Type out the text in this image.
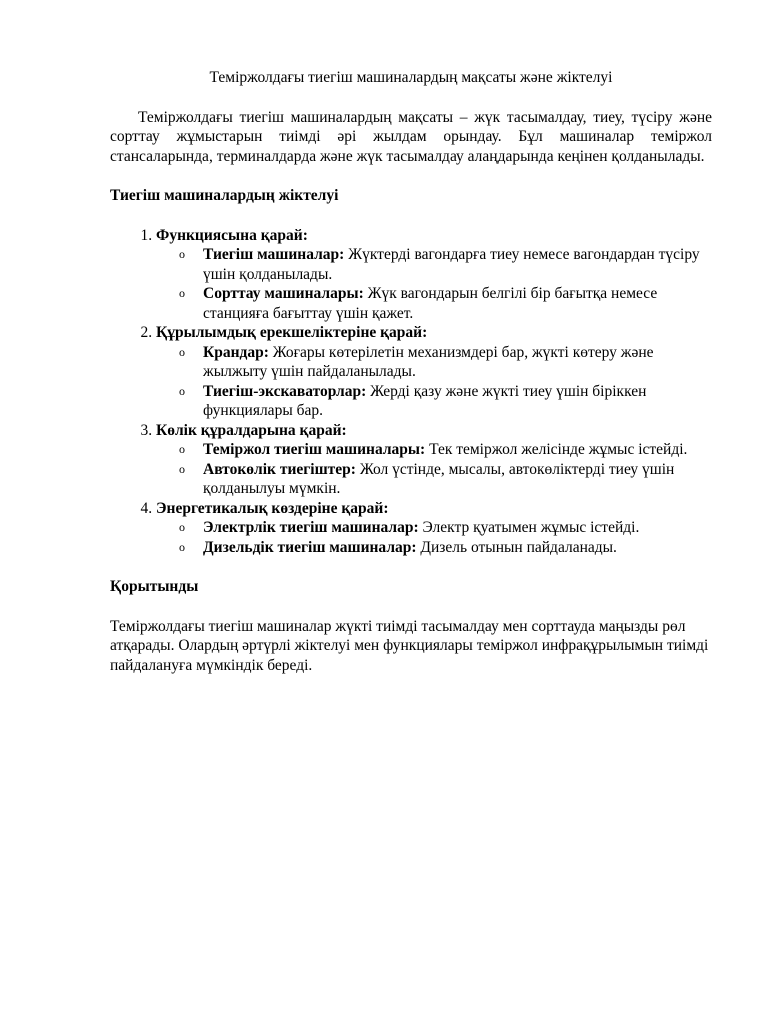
Теміржолдағы тиегіш машиналардың мақсаты және жіктелуі

Теміржолдағы тиегіш машиналардың мақсаты – жүк тасымалдау, тиеу, түсіру және сорттау жұмыстарын тиімді әрі жылдам орындау. Бұл машиналар теміржол стансаларында, терминалдарда және жүк тасымалдау алаңдарында кеңінен қолданылады.

Тиегіш машиналардың жіктелуі

1. Функциясына қарай:
o Тиегіш машиналар: Жүктерді вагондарға тиеу немесе вагондардан түсіру үшін қолданылады.
o Сорттау машиналары: Жүк вагондарын белгілі бір бағытқа немесе станцияға бағыттау үшін қажет.
2. Құрылымдық ерекшеліктеріне қарай:
o Крандар: Жоғары көтерілетін механизмдері бар, жүкті көтеру және жылжыту үшін пайдаланылады.
o Тиегіш-экскаваторлар: Жерді қазу және жүкті тиеу үшін біріккен функциялары бар.
3. Көлік құралдарына қарай:
o Теміржол тиегіш машиналары: Тек теміржол желісінде жұмыс істейді.
o Автокөлік тиегіштер: Жол үстінде, мысалы, автокөліктерді тиеу үшін қолданылуы мүмкін.
4. Энергетикалық көздеріне қарай:
o Электрлік тиегіш машиналар: Электр қуатымен жұмыс істейді.
o Дизельдік тиегіш машиналар: Дизель отынын пайдаланады.

Қорытынды

Теміржолдағы тиегіш машиналар жүкті тиімді тасымалдау мен сорттауда маңызды рөл атқарады. Олардың әртүрлі жіктелуі мен функциялары теміржол инфрақұрылымын тиімді пайдалануға мүмкіндік береді.
